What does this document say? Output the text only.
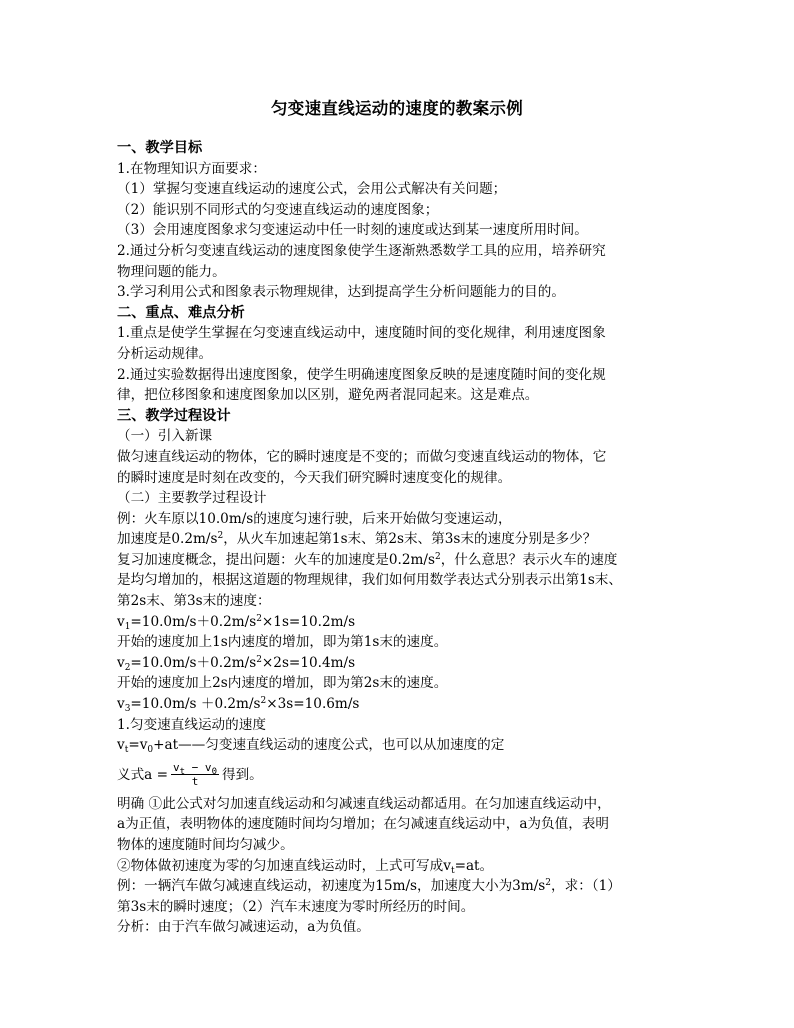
匀变速直线运动的速度的教案示例

一、教学目标

1.在物理知识方面要求：

（1）掌握匀变速直线运动的速度公式，会用公式解决有关问题；

（2）能识别不同形式的匀变速直线运动的速度图象；

（3）会用速度图象求匀变速运动中任一时刻的速度或达到某一速度所用时间。

2.通过分析匀变速直线运动的速度图象使学生逐渐熟悉数学工具的应用，培养研究

物理问题的能力。

3.学习利用公式和图象表示物理规律，达到提高学生分析问题能力的目的。

二、重点、难点分析

1.重点是使学生掌握在匀变速直线运动中，速度随时间的变化规律，利用速度图象

分析运动规律。

2.通过实验数据得出速度图象，使学生明确速度图象反映的是速度随时间的变化规

律，把位移图象和速度图象加以区别，避免两者混同起来。这是难点。

三、教学过程设计

（一）引入新课

做匀速直线运动的物体，它的瞬时速度是不变的；而做匀变速直线运动的物体，它

的瞬时速度是时刻在改变的，今天我们研究瞬时速度变化的规律。

（二）主要教学过程设计

例：火车原以10.0m/s的速度匀速行驶，后来开始做匀变速运动，

加速度是$0.2m/s^2$，从火车加速起第1s末、第2s末、第3s末的速度分别是多少？

复习加速度概念，提出问题：火车的加速度是$0.2m/s^2$，什么意思？表示火车的速度

是均匀增加的，根据这道题的物理规律，我们如何用数学表达式分别表示出第1s末、

第2s末、第3s末的速度：

$v_1=10.0m/s+0.2m/s^2\times 1s=10.2m/s$

开始的速度加上1s内速度的增加，即为第1s末的速度。

$v_2=10.0m/s+0.2m/s^2\times 2s=10.4m/s$

开始的速度加上2s内速度的增加，即为第2s末的速度。

$v_3=10.0m/s +0.2m/s^2\times 3s=10.6m/s$

1.匀变速直线运动的速度

$v_t=v_0+at——$匀变速直线运动的速度公式，也可以从加速度的定

义式$a = \frac{v_t - v_0}{t}$ 得到。

明确 ①此公式对匀加速直线运动和匀减速直线运动都适用。在匀加速直线运动中，

a为正值，表明物体的速度随时间均匀增加；在匀减速直线运动中，a为负值，表明

物体的速度随时间均匀减少。

②物体做初速度为零的匀加速直线运动时，上式可写成$v_t=at$。

例：一辆汽车做匀减速直线运动，初速度为15m/s，加速度大小为$3m/s^2$，求：（1）

第3s末的瞬时速度；（2）汽车末速度为零时所经历的时间。

分析：由于汽车做匀减速运动，a为负值。
